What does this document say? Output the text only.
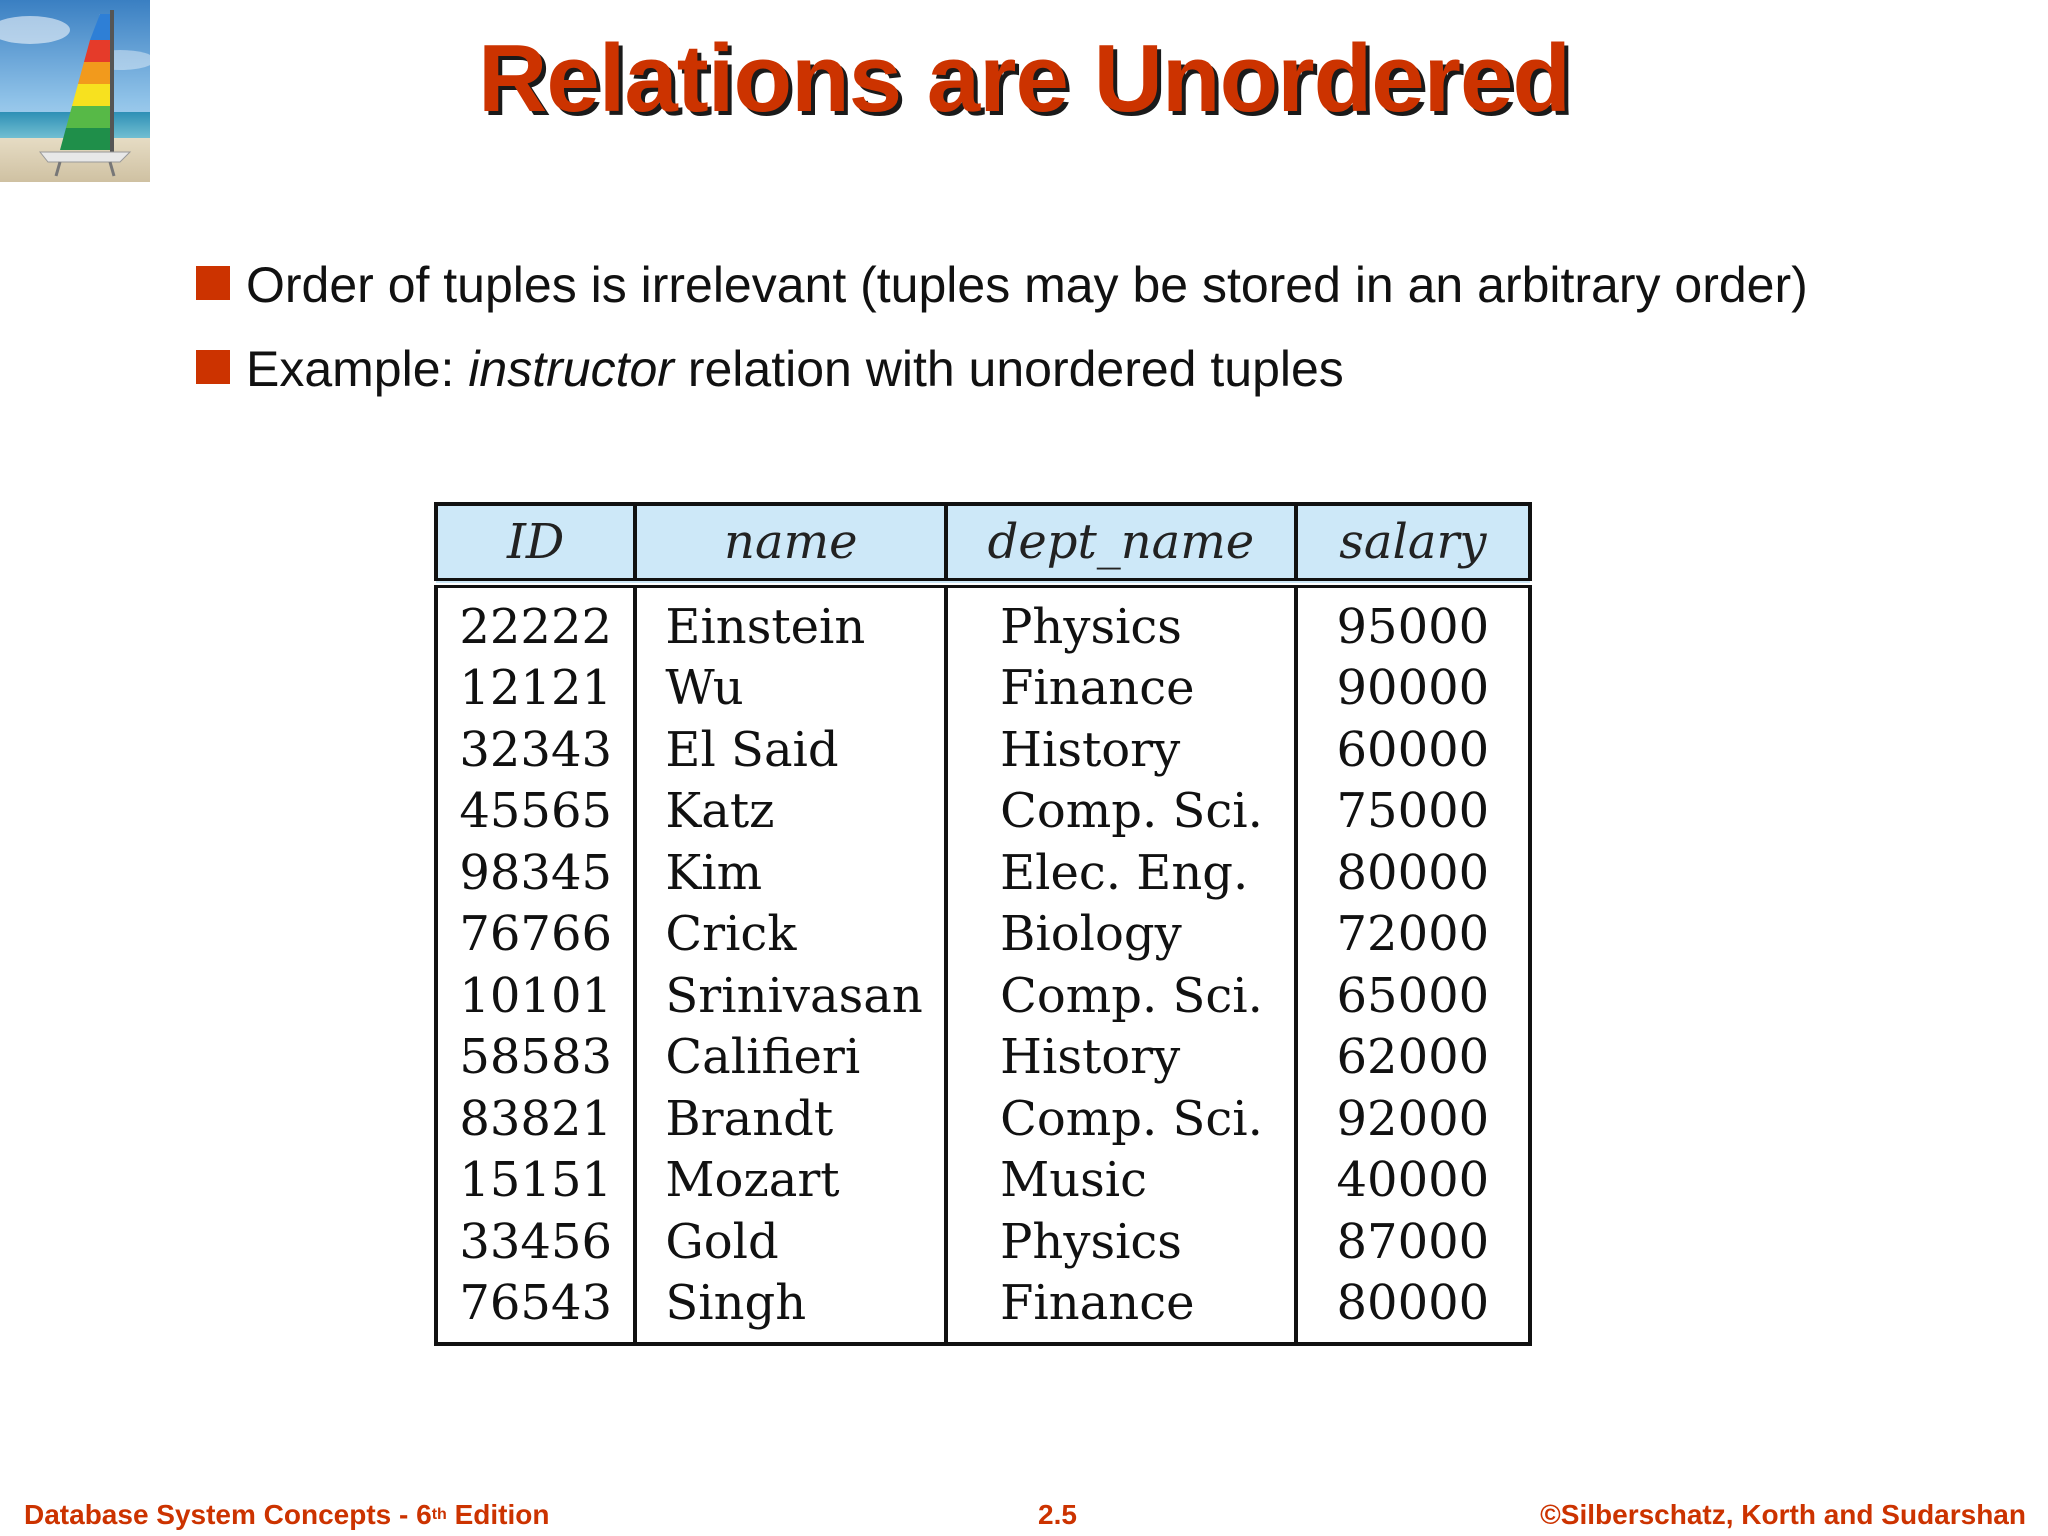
Relations are Unordered
Order of tuples is irrelevant (tuples may be stored in an arbitrary order)
Example: instructor relation with unordered tuples
ID	name	dept_name	salary
22222	Einstein	Physics	95000
12121	Wu	Finance	90000
32343	El Said	History	60000
45565	Katz	Comp. Sci.	75000
98345	Kim	Elec. Eng.	80000
76766	Crick	Biology	72000
10101	Srinivasan	Comp. Sci.	65000
58583	Califieri	History	62000
83821	Brandt	Comp. Sci.	92000
15151	Mozart	Music	40000
33456	Gold	Physics	87000
76543	Singh	Finance	80000
Database System Concepts - 6th Edition	2.5	©Silberschatz, Korth and Sudarshan
